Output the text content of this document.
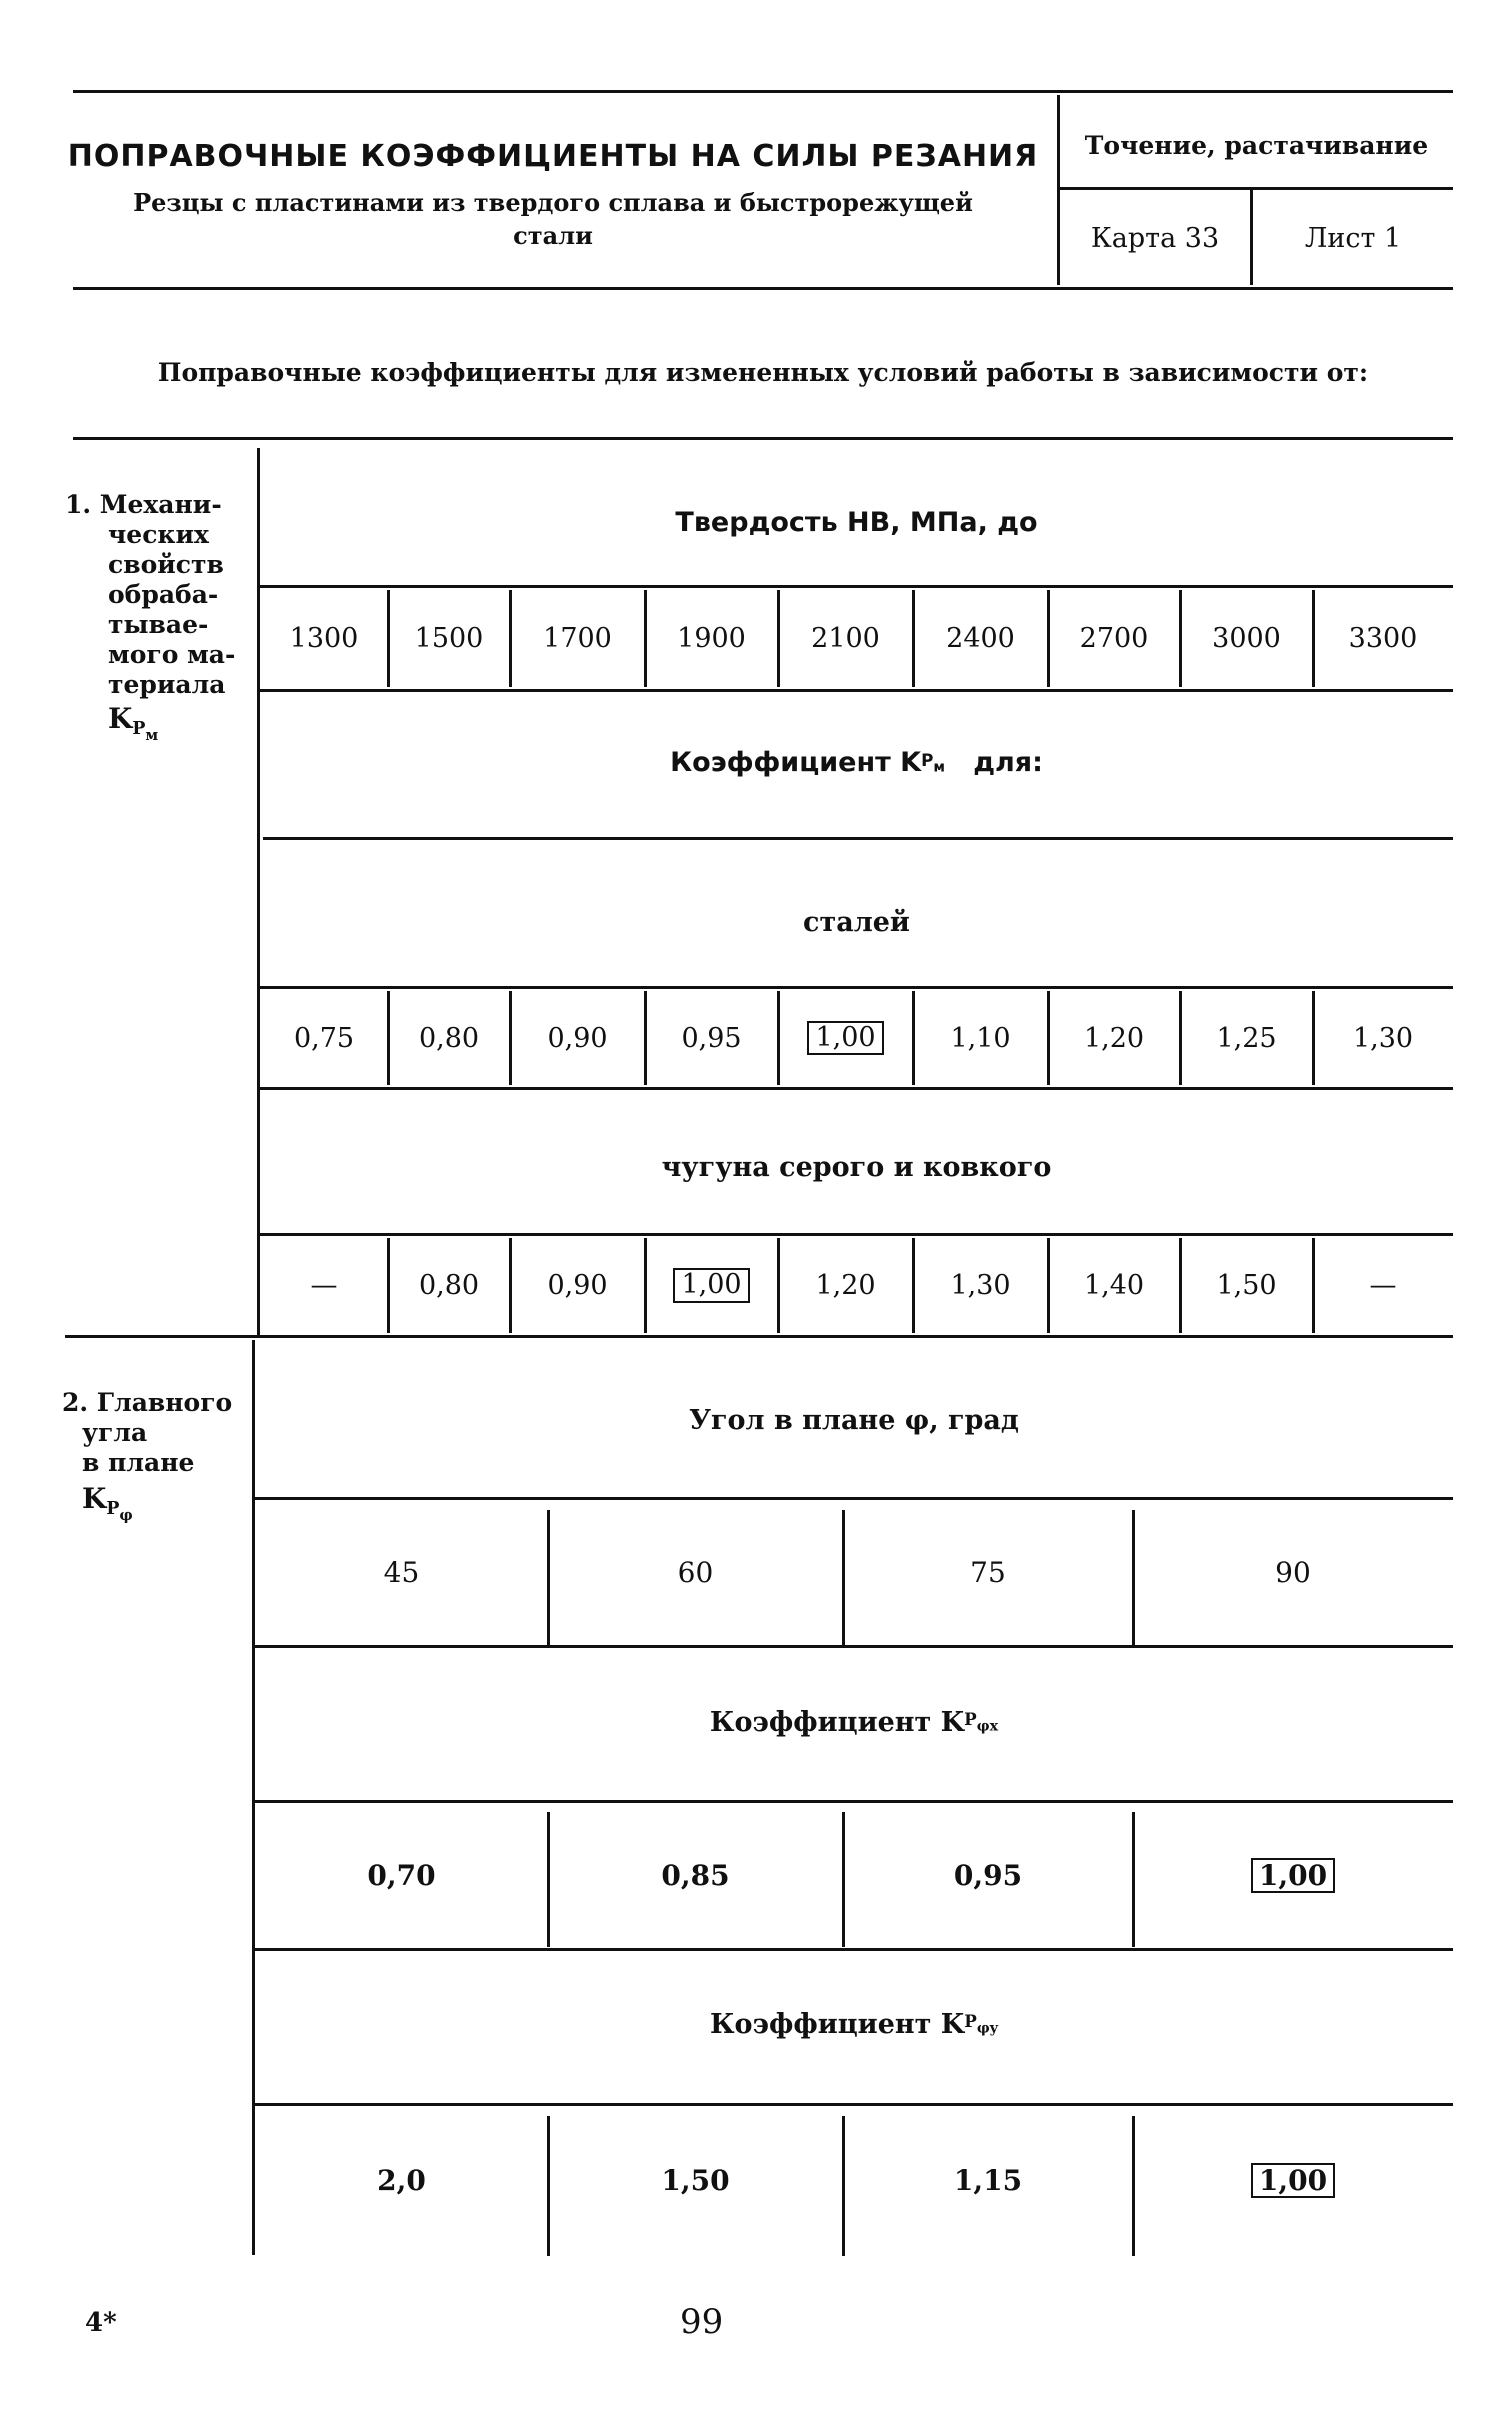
ПОПРАВОЧНЫЕ КОЭФФИЦИЕНТЫ НА СИЛЫ РЕЗАНИЯ
Резцы с пластинами из твердого сплава и быстрорежущей
стали
Точение, растачивание
Карта 33	Лист 1
Поправочные коэффициенты для измененных условий работы в зависимости от:
1. Механи-
ческих
свойств
обраба-
тывае-
мого ма-
териала
$K_{P_м}$
Твердость НВ, МПа, до
1300 1500 1700 1900 2100 2400 2700 3000	3300
Коэффициент K $P_м$
для:
сталей
0,75 0,80	0,90	0,95	1,00	1,10	1,20	1,25	1,30
чугуна серого и ковкого
—	0,80	0,90	1,00	1,20	1,30	1,40	1,50	—
2. Главного
угла
в плане
$K_{P_\varphi}$
Угол в плане φ, град
45	60	75	90
Коэффициент K $P_{\varphi x}$
0,70	0,85	0,95	1,00
Коэффициент K $P_{\varphi y}$
2,0	1,50	1,15	1,00
4*	99
